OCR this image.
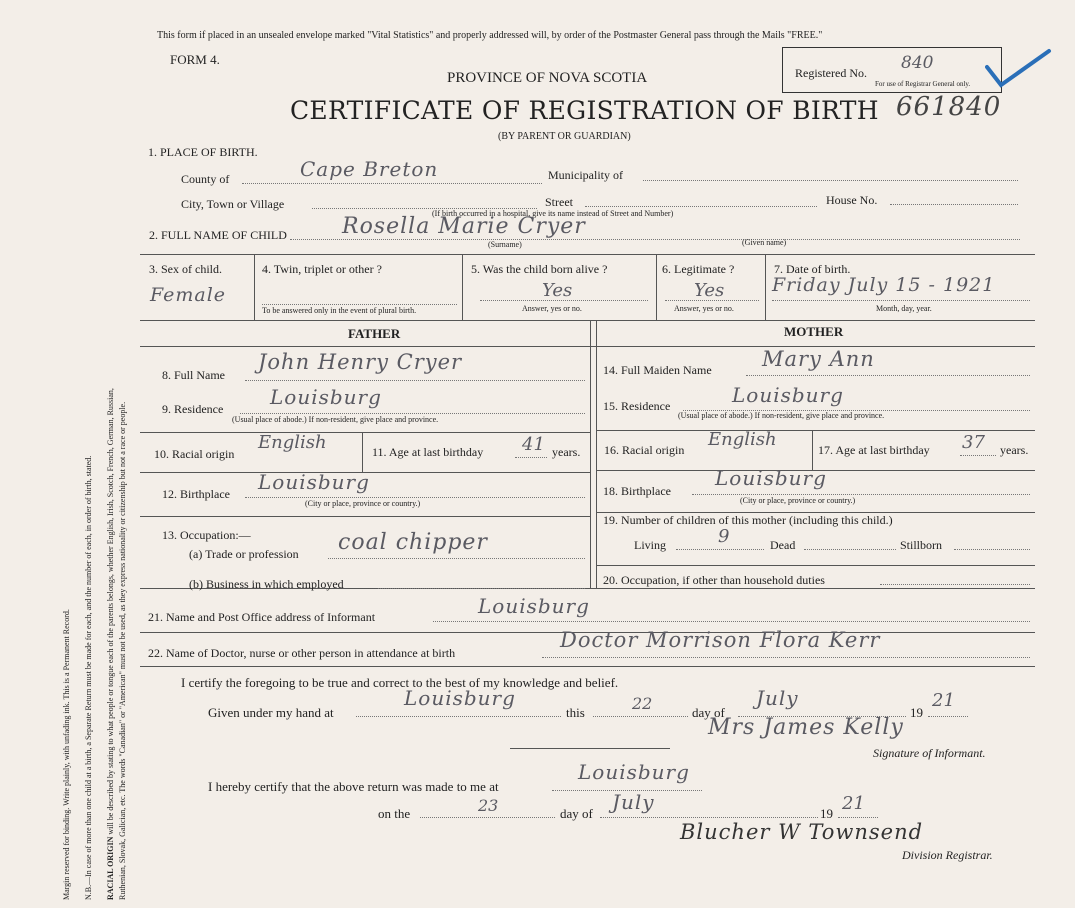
Margin reserved for binding. Write plainly, with unfading ink. This is a Permanent Record. N.B.—In case of more than one child at a birth, a Separate Return must be made for each, and the number of each, in order of birth, stated. RACIAL ORIGIN will be described by stating to what people or tongue each of the parents belongs, whether English, Irish, Scotch, French, German, Russian, Ruthenian, Slovak, Galician, etc. The words "Canadian" or "American" must not be used, as they express nationality or citizenship but not a race or people.
This form if placed in an unsealed envelope marked "Vital Statistics" and properly addressed will, by order of the Postmaster General pass through the Mails "FREE."
FORM 4.
PROVINCE OF NOVA SCOTIA
CERTIFICATE OF REGISTRATION OF BIRTH 661840
(BY PARENT OR GUARDIAN)
Registered No. 840
For use of Registrar General only.
1. PLACE OF BIRTH.
County of	Cape Breton	Municipality of
City, Town or Village	Street	House No.
(If birth occurred in a hospital, give its name instead of Street and Number)
2. FULL NAME OF CHILD	Rosella Marie Cryer
(Surname)	(Given name)
3. Sex of child.
Female
4. Twin, triplet or other ?
To be answered only in the event of plural birth.
5. Was the child born alive ?
Yes
Answer, yes or no.
6. Legitimate ?
Yes
Answer, yes or no.
7. Date of birth.
Friday July 15 - 1921
Month, day, year.
FATHER	MOTHER
8. Full Name
John Henry Cryer
9. Residence Louisburg
(Usual place of abode.) If non-resident, give place and province.
10. Racial origin
English	11. Age at last birthday 41 years.
12. Birthplace Louisburg
(City or place, province or country.)
13. Occupation:—
(a) Trade or profession coal chipper
(b) Business in which employed
14. Full Maiden Name Mary Ann
15. Residence	Louisburg
(Usual place of abode.) If non-resident, give place and province.
16. Racial origin English	17. Age at last birthday 37 years.
18. Birthplace
Louisburg
(City or place, province or country.)
19. Number of children of this mother (including this child.)
Living	9	Dead	Stillborn
20. Occupation, if other than household duties
21. Name and Post Office address of Informant	Louisburg
22. Name of Doctor, nurse or other person in attendance at birth
Doctor Morrison Flora Kerr
I certify the foregoing to be true and correct to the best of my knowledge and belief.
Given under my hand at
Louisburg
this	22	day of
July
19
21
Mrs James Kelly
Signature of Informant.
I hereby certify that the above return was made to me at
Louisburg
on the	23	day of July	19 21
Blucher W Townsend
Division Registrar.
